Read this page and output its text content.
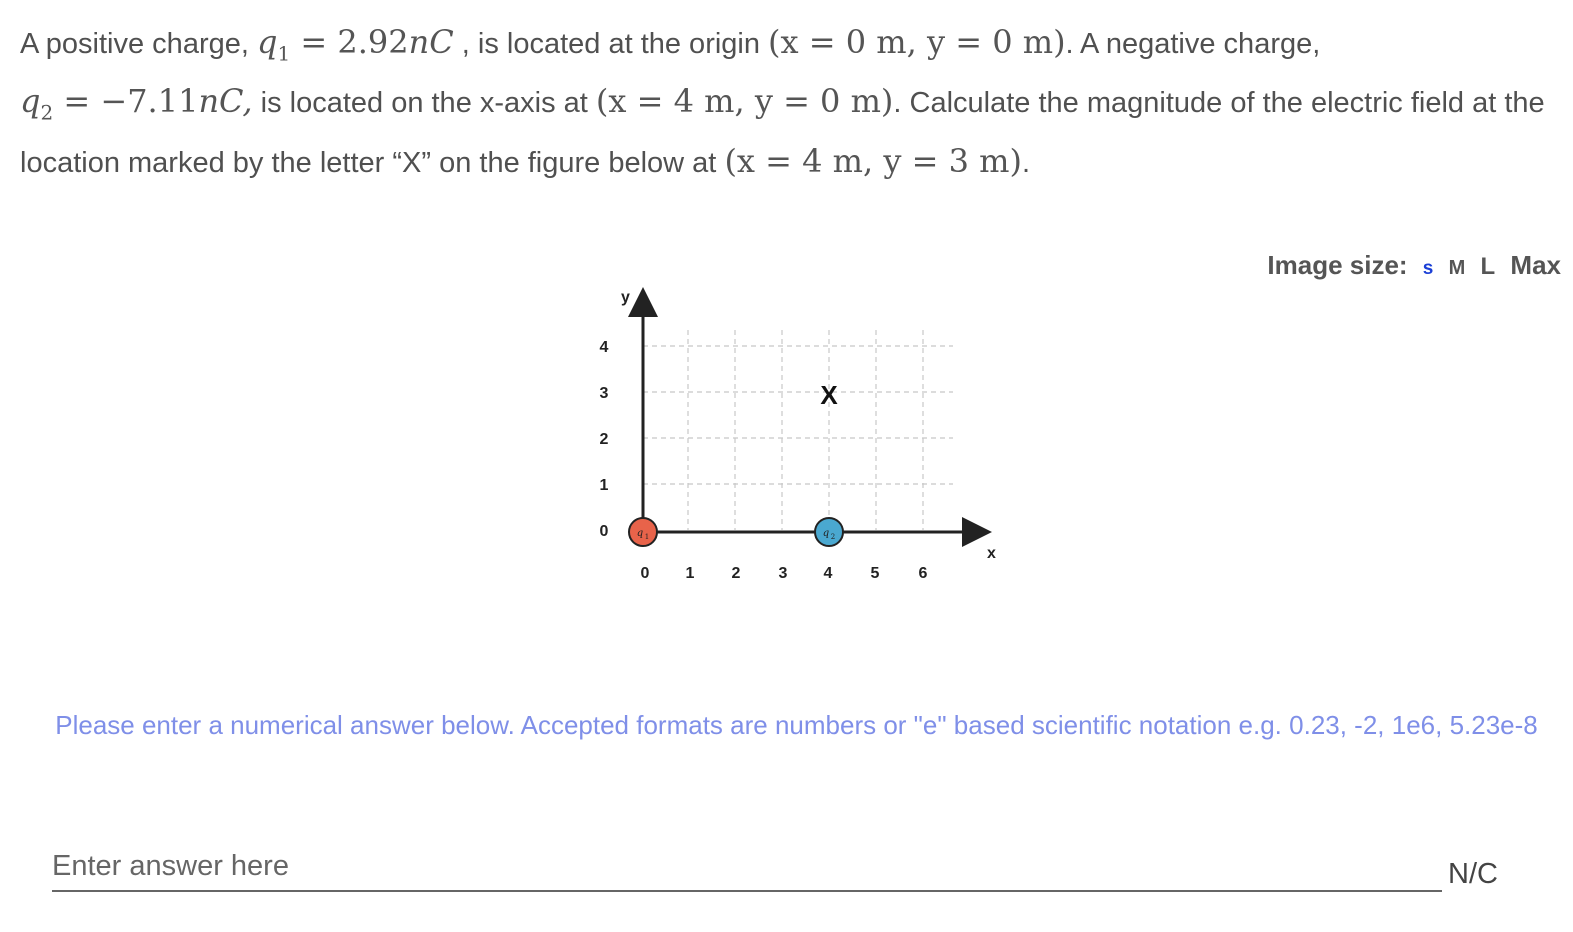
A positive charge, $q_1 = 2.92nC$ , is located at the origin (x = 0 m, y = 0 m). A negative charge,
$q_2 = -7.11nC$, is located on the x-axis at (x = 4 m, y = 0 m). Calculate the magnitude of the electric field at the location marked by the letter “X” on the figure below at (x = 4 m, y = 3 m).
Image size: s M L Max
y
x
4
3
2
1
0
0 1 2 3 4 5 6
X
q 1	q 2
Please enter a numerical answer below. Accepted formats are numbers or "e" based scientific notation e.g. 0.23, -2, 1e6, 5.23e-8
Enter answer here
N/C
